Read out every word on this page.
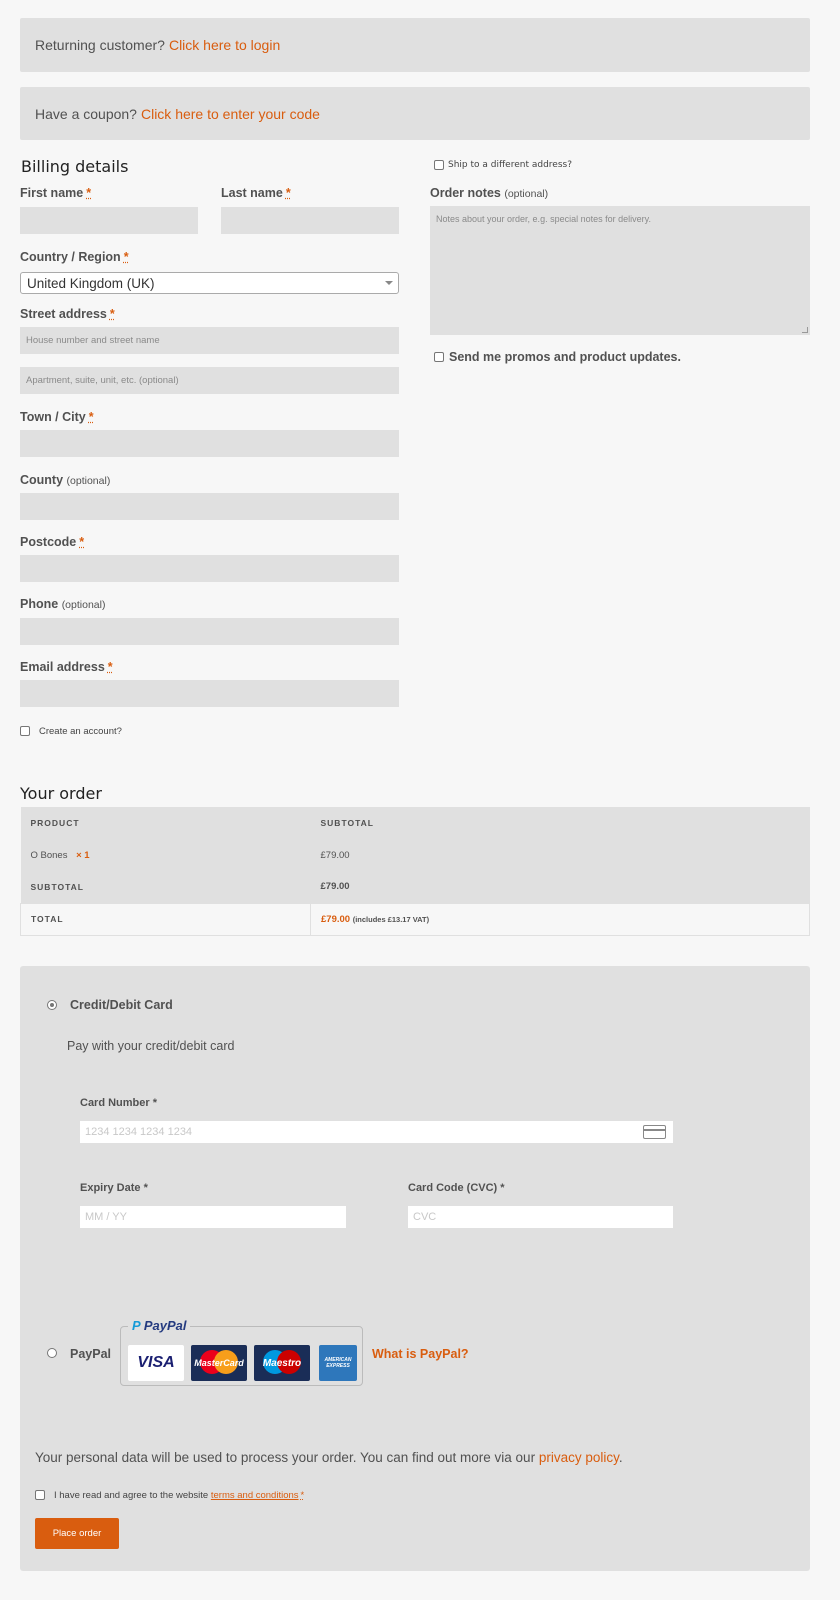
Returning customer? Click here to login
Have a coupon? Click here to enter your code
Billing details
First name *	Last name *
Country / Region *
United Kingdom (UK)
Street address *
House number and street name
Apartment, suite, unit, etc. (optional)
Town / City *
County (optional)
Postcode *
Phone (optional)
Email address *
Create an account?
Ship to a different address?
Order notes (optional)
Notes about your order, e.g. special notes for delivery.
Send me promos and product updates.
Your order
PRODUCT	SUBTOTAL
O Bones × 1	£79.00
SUBTOTAL	£79.00
TOTAL	£79.00 (includes £13.17 VAT)
Credit/Debit Card
Pay with your credit/debit card
Card Number *
1234 1234 1234 1234
Expiry Date *
MM / YY
Card Code (CVC) *
CVC
PayPal
P PayPal
VISA	MasterCard Maestro	AMERICAN EXPRESS
What is PayPal?
Your personal data will be used to process your order. You can find out more via our privacy policy.
I have read and agree to the website terms and conditions *
Place order
